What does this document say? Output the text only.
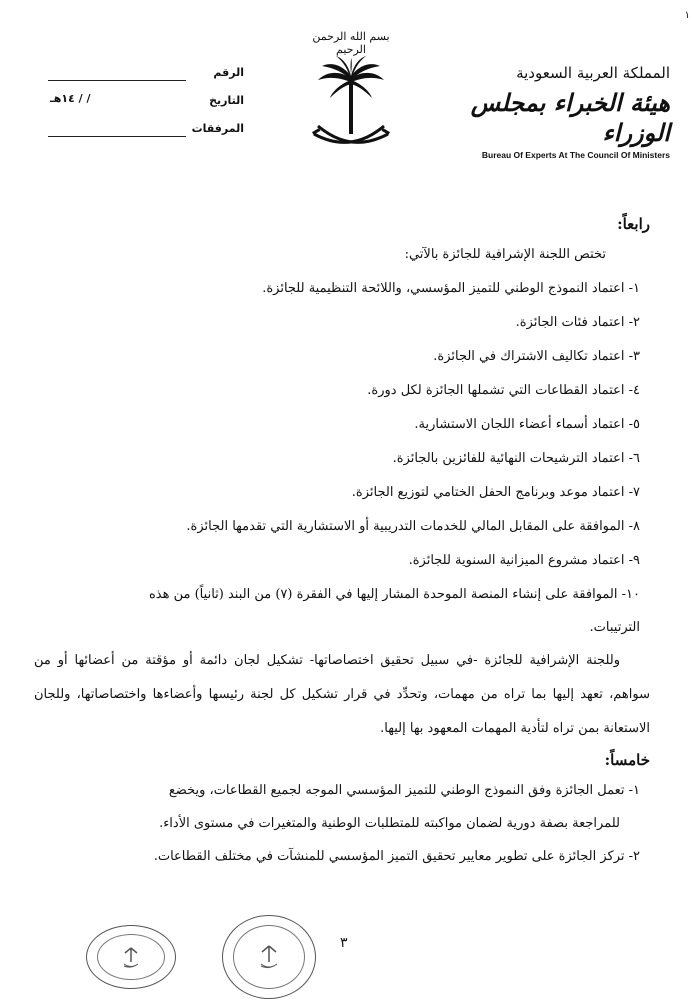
١
الرقم
التاريخ
/ / ١٤هـ
المرفقات
بسم الله الرحمن الرحيم
المملكة العربية السعودية
هيئة الخبراء بمجلس الوزراء
Bureau Of Experts At The Council Of Ministers
رابعاً:
تختص اللجنة الإشرافية للجائزة بالآتي:
١- اعتماد النموذج الوطني للتميز المؤسسي، واللائحة التنظيمية للجائزة.
٢- اعتماد فئات الجائزة.
٣- اعتماد تكاليف الاشتراك في الجائزة.
٤- اعتماد القطاعات التي تشملها الجائزة لكل دورة.
٥- اعتماد أسماء أعضاء اللجان الاستشارية.
٦- اعتماد الترشيحات النهائية للفائزين بالجائزة.
٧- اعتماد موعد وبرنامج الحفل الختامي لتوزيع الجائزة.
٨- الموافقة على المقابل المالي للخدمات التدريبية أو الاستشارية التي تقدمها الجائزة.
٩- اعتماد مشروع الميزانية السنوية للجائزة.
١٠- الموافقة على إنشاء المنصة الموحدة المشار إليها في الفقرة (٧) من البند (ثانياً) من هذه
الترتيبات.
وللجنة الإشرافية للجائزة -في سبيل تحقيق اختصاصاتها- تشكيل لجان دائمة أو مؤقتة من أعضائها أو من سواهم، تعهد إليها بما تراه من مهمات، وتحدِّد في قرار تشكيل كل لجنة رئيسها وأعضاءها واختصاصاتها، وللجان الاستعانة بمن تراه لتأدية المهمات المعهود بها إليها.
خامساً:
١- تعمل الجائزة وفق النموذج الوطني للتميز المؤسسي الموجه لجميع القطاعات، ويخضع
للمراجعة بصفة دورية لضمان مواكبته للمتطلبات الوطنية والمتغيرات في مستوى الأداء.
٢- تركز الجائزة على تطوير معايير تحقيق التميز المؤسسي للمنشآت في مختلف القطاعات.
٣
